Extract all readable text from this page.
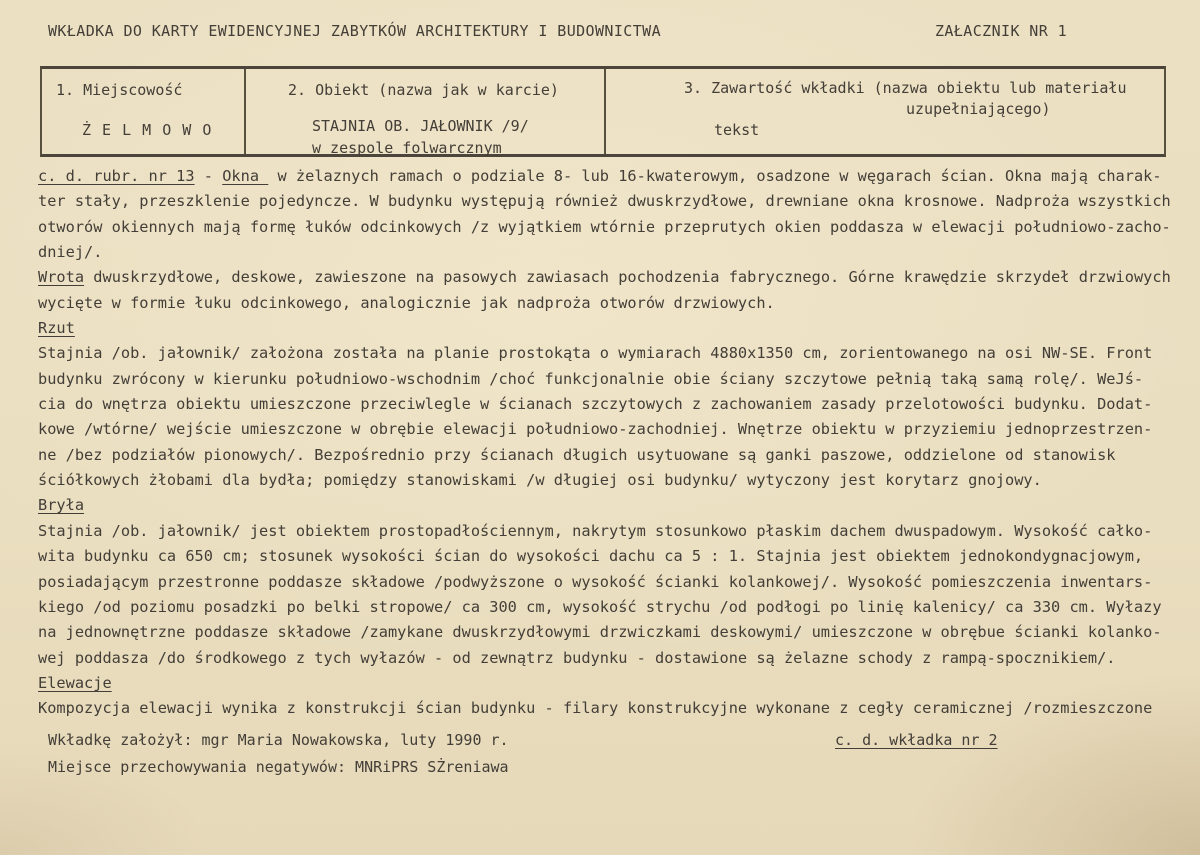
WKŁADKA DO KARTY EWIDENCYJNEJ ZABYTKÓW ARCHITEKTURY I BUDOWNICTWA	ZAŁACZNIK NR 1
1. Miejscowość
Ż E L M O W O
2. Obiekt (nazwa jak w karcie)
STAJNIA OB. JAŁOWNIK /9/
w zespole folwarcznym
3. Zawartość wkładki (nazwa obiektu lub materiału
uzupełniającego)
tekst
c. d. rubr. nr 13 - Okna  w żelaznych ramach o podziale 8- lub 16-kwaterowym, osadzone w węgarach ścian. Okna mają charak-
ter stały, przeszklenie pojedyncze. W budynku występują również dwuskrzydłowe, drewniane okna krosnowe. Nadproża wszystkich
otworów okiennych mają formę łuków odcinkowych /z wyjątkiem wtórnie przeprutych okien poddasza w elewacji południowo-zacho-
dniej/.
Wrota dwuskrzydłowe, deskowe, zawieszone na pasowych zawiasach pochodzenia fabrycznego. Górne krawędzie skrzydeł drzwiowych
wycięte w formie łuku odcinkowego, analogicznie jak nadproża otworów drzwiowych.
Rzut
Stajnia /ob. jałownik/ założona została na planie prostokąta o wymiarach 4880x1350 cm, zorientowanego na osi NW-SE. Front
budynku zwrócony w kierunku południowo-wschodnim /choć funkcjonalnie obie ściany szczytowe pełnią taką samą rolę/. WeJś-
cia do wnętrza obiektu umieszczone przeciwlegle w ścianach szczytowych z zachowaniem zasady przelotowości budynku. Dodat-
kowe /wtórne/ wejście umieszczone w obrębie elewacji południowo-zachodniej. Wnętrze obiektu w przyziemiu jednoprzestrzen-
ne /bez podziałów pionowych/. Bezpośrednio przy ścianach długich usytuowane są ganki paszowe, oddzielone od stanowisk
ściółkowych żłobami dla bydła; pomiędzy stanowiskami /w długiej osi budynku/ wytyczony jest korytarz gnojowy.
Bryła
Stajnia /ob. jałownik/ jest obiektem prostopadłościennym, nakrytym stosunkowo płaskim dachem dwuspadowym. Wysokość całko-
wita budynku ca 650 cm; stosunek wysokości ścian do wysokości dachu ca 5 : 1. Stajnia jest obiektem jednokondygnacjowym,
posiadającym przestronne poddasze składowe /podwyższone o wysokość ścianki kolankowej/. Wysokość pomieszczenia inwentars-
kiego /od poziomu posadzki po belki stropowe/ ca 300 cm, wysokość strychu /od podłogi po linię kalenicy/ ca 330 cm. Wyłazy
na jednownętrzne poddasze składowe /zamykane dwuskrzydłowymi drzwiczkami deskowymi/ umieszczone w obrębue ścianki kolanko-
wej poddasza /do środkowego z tych wyłazów - od zewnątrz budynku - dostawione są żelazne schody z rampą-spocznikiem/.
Elewacje
Kompozycja elewacji wynika z konstrukcji ścian budynku - filary konstrukcyjne wykonane z cegły ceramicznej /rozmieszczone
Wkładkę założył: mgr Maria Nowakowska, luty 1990 r.	c. d. wkładka nr 2
Miejsce przechowywania negatywów: MNRiPRS SŻreniawa
